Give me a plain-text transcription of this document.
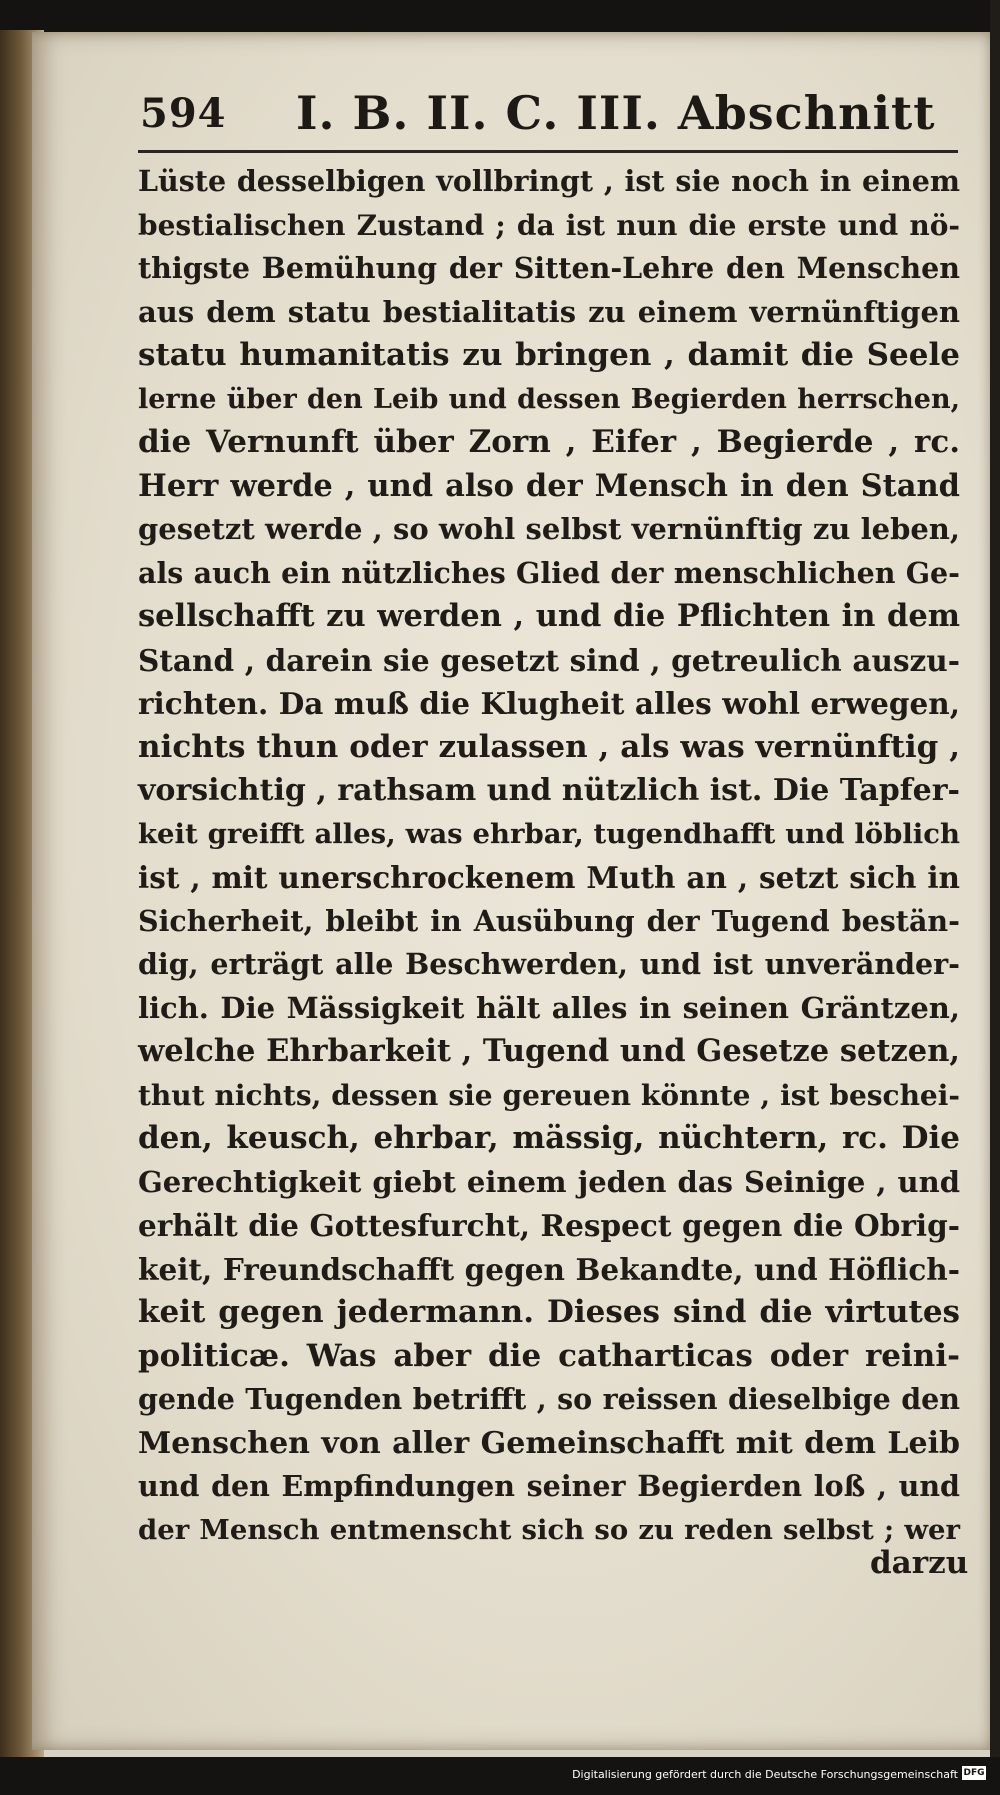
594 I. B. II. C. III. Abschnitt
Lüste desselbigen vollbringt , ist sie noch in einem
bestialischen Zustand ; da ist nun die erste und nö-
thigste Bemühung der Sitten-Lehre den Menschen
aus dem statu bestialitatis zu einem vernünftigen
statu humanitatis zu bringen , damit die Seele
lerne über den Leib und dessen Begierden herrschen,
die Vernunft über Zorn , Eifer , Begierde , rc.
Herr werde , und also der Mensch in den Stand
gesetzt werde , so wohl selbst vernünftig zu leben,
als auch ein nützliches Glied der menschlichen Ge-
sellschafft zu werden , und die Pflichten in dem
Stand , darein sie gesetzt sind , getreulich auszu-
richten. Da muß die Klugheit alles wohl erwegen,
nichts thun oder zulassen , als was vernünftig ,
vorsichtig , rathsam und nützlich ist. Die Tapfer-
keit greifft alles, was ehrbar, tugendhafft und löblich
ist , mit unerschrockenem Muth an , setzt sich in
Sicherheit, bleibt in Ausübung der Tugend bestän-
dig, erträgt alle Beschwerden, und ist unveränder-
lich. Die Mässigkeit hält alles in seinen Gräntzen,
welche Ehrbarkeit , Tugend und Gesetze setzen,
thut nichts, dessen sie gereuen könnte , ist beschei-
den, keusch, ehrbar, mässig, nüchtern, rc. Die
Gerechtigkeit giebt einem jeden das Seinige , und
erhält die Gottesfurcht, Respect gegen die Obrig-
keit, Freundschafft gegen Bekandte, und Höflich-
keit gegen jedermann. Dieses sind die virtutes
politicæ. Was aber die catharticas oder reini-
gende Tugenden betrifft , so reissen dieselbige den
Menschen von aller Gemeinschafft mit dem Leib
und den Empfindungen seiner Begierden loß , und
der Mensch entmenscht sich so zu reden selbst ; wer
darzu
Digitalisierung gefördert durch die Deutsche Forschungsgemeinschaft DFG
